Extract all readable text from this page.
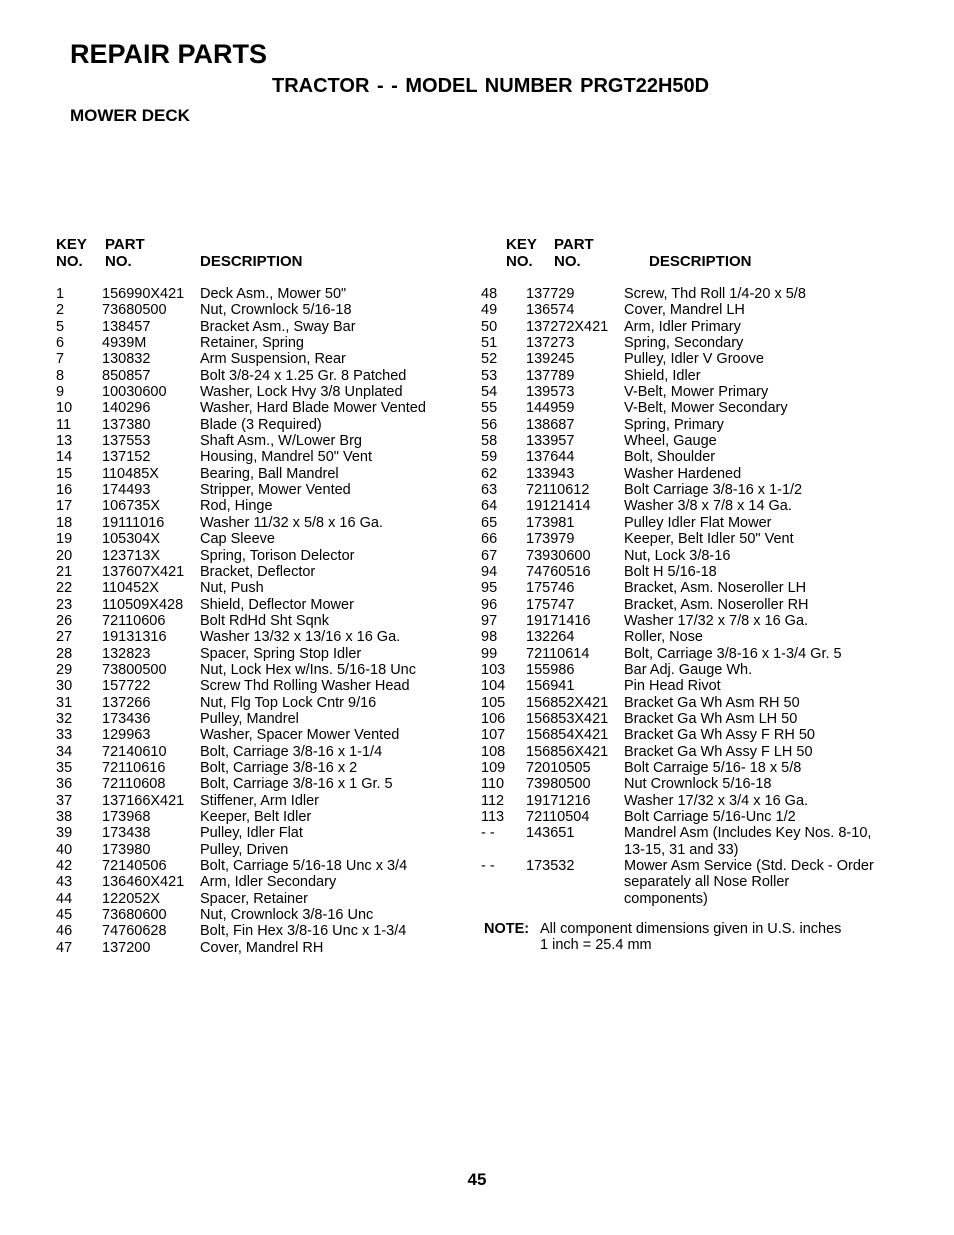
REPAIR PARTS
TRACTOR - - MODEL NUMBER PRGT22H50D
MOWER DECK
KEY
NO.
PART
NO.
	DESCRIPTION
KEY
NO.
PART
NO.
	DESCRIPTION
1	156990X421 Deck Asm., Mower 50"
2	73680500 Nut, Crownlock 5/16-18
5	138457	Bracket Asm., Sway Bar
6	4939M	Retainer, Spring
7	130832	Arm Suspension, Rear
8	850857	Bolt 3/8-24 x 1.25 Gr. 8 Patched
9	10030600 Washer, Lock Hvy 3/8 Unplated
10 140296	Washer, Hard Blade Mower Vented
11 137380	Blade (3 Required)
13 137553	Shaft Asm., W/Lower Brg
14 137152	Housing, Mandrel 50" Vent
15 110485X	Bearing, Ball Mandrel
16 174493	Stripper, Mower Vented
17 106735X	Rod, Hinge
18 19111016 Washer 11/32 x 5/8 x 16 Ga.
19 105304X	Cap Sleeve
20 123713X	Spring, Torison Delector
21 137607X421 Bracket, Deflector
22 110452X	Nut, Push
23 110509X428 Shield, Deflector Mower
26 72110606 Bolt RdHd Sht Sqnk
27 19131316 Washer 13/32 x 13/16 x 16 Ga.
28 132823	Spacer, Spring Stop Idler
29 73800500 Nut, Lock Hex w/Ins. 5/16-18 Unc
30 157722	Screw Thd Rolling Washer Head
31 137266	Nut, Flg Top Lock Cntr 9/16
32 173436	Pulley, Mandrel
33 129963	Washer, Spacer Mower Vented
34 72140610 Bolt, Carriage 3/8-16 x 1-1/4
35 72110616 Bolt, Carriage 3/8-16 x 2
36 72110608 Bolt, Carriage 3/8-16 x 1 Gr. 5
37 137166X421 Stiffener, Arm Idler
38 173968	Keeper, Belt Idler
39 173438	Pulley, Idler Flat
40 173980	Pulley, Driven
42 72140506 Bolt, Carriage 5/16-18 Unc x 3/4
43 136460X421 Arm, Idler Secondary
44 122052X	Spacer, Retainer
45 73680600 Nut, Crownlock 3/8-16 Unc
46 74760628 Bolt, Fin Hex 3/8-16 Unc x 1-3/4
47 137200	Cover, Mandrel RH
48 137729	Screw, Thd Roll 1/4-20 x 5/8
49 136574	Cover, Mandrel LH
50 137272X421 Arm, Idler Primary
51 137273	Spring, Secondary
52 139245	Pulley, Idler V Groove
53 137789	Shield, Idler
54 139573	V-Belt, Mower Primary
55 144959	V-Belt, Mower Secondary
56 138687	Spring, Primary
58 133957	Wheel, Gauge
59 137644	Bolt, Shoulder
62 133943	Washer Hardened
63 72110612 Bolt Carriage 3/8-16 x 1-1/2
64 19121414 Washer 3/8 x 7/8 x 14 Ga.
65 173981	Pulley Idler Flat Mower
66 173979	Keeper, Belt Idler 50" Vent
67 73930600 Nut, Lock 3/8-16
94 74760516 Bolt H 5/16-18
95 175746	Bracket, Asm. Noseroller LH
96 175747	Bracket, Asm. Noseroller RH
97 19171416 Washer 17/32 x 7/8 x 16 Ga.
98 132264	Roller, Nose
99 72110614 Bolt, Carriage 3/8-16 x 1-3/4 Gr. 5
103 155986	Bar Adj. Gauge Wh.
104 156941	Pin Head Rivot
105 156852X421 Bracket Ga Wh Asm RH 50
106 156853X421 Bracket Ga Wh Asm LH 50
107 156854X421 Bracket Ga Wh Assy F RH 50
108 156856X421 Bracket Ga Wh Assy F LH 50
109 72010505 Bolt Carraige 5/16- 18 x 5/8
110 73980500 Nut Crownlock 5/16-18
112 19171216 Washer 17/32 x 3/4 x 16 Ga.
113 72110504 Bolt Carriage 5/16-Unc 1/2
- - 143651	Mandrel Asm (Includes Key Nos. 8-10, 13-15, 31 and 33)
- - 173532	Mower Asm Service (Std. Deck - Order separately all Nose Roller components)
NOTE: All component dimensions given in U.S. inches
1 inch = 25.4 mm
45
